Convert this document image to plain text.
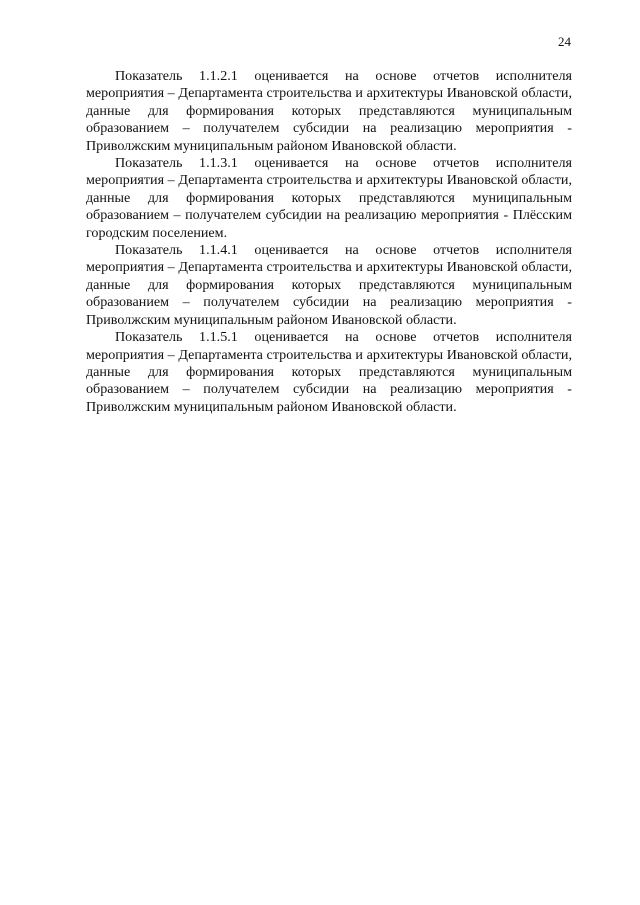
24

Показатель 1.1.2.1 оценивается на основе отчетов исполнителя мероприятия – Департамента строительства и архитектуры Ивановской области, данные для формирования которых представляются муниципальным образованием – получателем субсидии на реализацию мероприятия - Приволжским муниципальным районом Ивановской области.

Показатель 1.1.3.1 оценивается на основе отчетов исполнителя мероприятия – Департамента строительства и архитектуры Ивановской области, данные для формирования которых представляются муниципальным образованием – получателем субсидии на реализацию мероприятия - Плёсским городским поселением.

Показатель 1.1.4.1 оценивается на основе отчетов исполнителя мероприятия – Департамента строительства и архитектуры Ивановской области, данные для формирования которых представляются муниципальным образованием – получателем субсидии на реализацию мероприятия - Приволжским муниципальным районом Ивановской области.

Показатель 1.1.5.1 оценивается на основе отчетов исполнителя мероприятия – Департамента строительства и архитектуры Ивановской области, данные для формирования которых представляются муниципальным образованием – получателем субсидии на реализацию мероприятия - Приволжским муниципальным районом Ивановской области.
